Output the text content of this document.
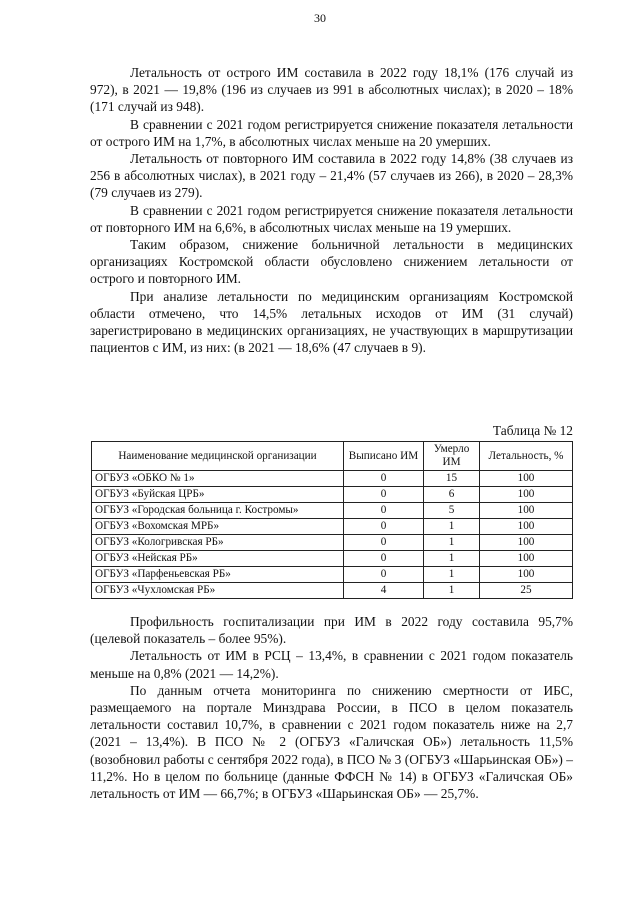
30

Летальность от острого ИМ составила в 2022 году 18,1% (176 случай из 972), в 2021 — 19,8% (196 из случаев из 991 в абсолютных числах); в 2020 – 18% (171 случай из 948).

В сравнении с 2021 годом регистрируется снижение показателя летальности от острого ИМ на 1,7%, в абсолютных числах меньше на 20 умерших.

Летальность от повторного ИМ составила в 2022 году 14,8% (38 случаев из 256 в абсолютных числах), в 2021 году – 21,4% (57 случаев из 266), в 2020 – 28,3% (79 случаев из 279).

В сравнении с 2021 годом регистрируется снижение показателя летальности от повторного ИМ на 6,6%, в абсолютных числах меньше на 19 умерших.

Таким образом, снижение больничной летальности в медицинских организациях Костромской области обусловлено снижением летальности от острого и повторного ИМ.

При анализе летальности по медицинским организациям Костромской области отмечено, что 14,5% летальных исходов от ИМ (31 случай) зарегистрировано в медицинских организациях, не участвующих в маршрутизации пациентов с ИМ, из них: (в 2021 — 18,6% (47 случаев в 9).

Таблица № 12
Наименование медицинской организации	Выписано ИМ	Умерло ИМ	Летальность, %
ОГБУЗ «ОБКО № 1»	0	15	100
ОГБУЗ «Буйская ЦРБ»	0	6	100
ОГБУЗ «Городская больница г. Костромы»	0	5	100
ОГБУЗ «Вохомская МРБ»	0	1	100
ОГБУЗ «Кологривская РБ»	0	1	100
ОГБУЗ «Нейская РБ»	0	1	100
ОГБУЗ «Парфеньевская РБ»	0	1	100
ОГБУЗ «Чухломская РБ»	4	1	25

Профильность госпитализации при ИМ в 2022 году составила 95,7% (целевой показатель – более 95%).

Летальность от ИМ в РСЦ – 13,4%, в сравнении с 2021 годом показатель меньше на 0,8% (2021 — 14,2%).

По данным отчета мониторинга по снижению смертности от ИБС, размещаемого на портале Минздрава России, в ПСО в целом показатель летальности составил 10,7%, в сравнении с 2021 годом показатель ниже на 2,7 (2021 – 13,4%). В ПСО № 2 (ОГБУЗ «Галичская ОБ») летальность 11,5% (возобновил работы с сентября 2022 года), в ПСО № 3 (ОГБУЗ «Шарьинская ОБ») – 11,2%. Но в целом по больнице (данные ФФСН № 14) в ОГБУЗ «Галичская ОБ» летальность от ИМ — 66,7%; в ОГБУЗ «Шарьинская ОБ» — 25,7%.
